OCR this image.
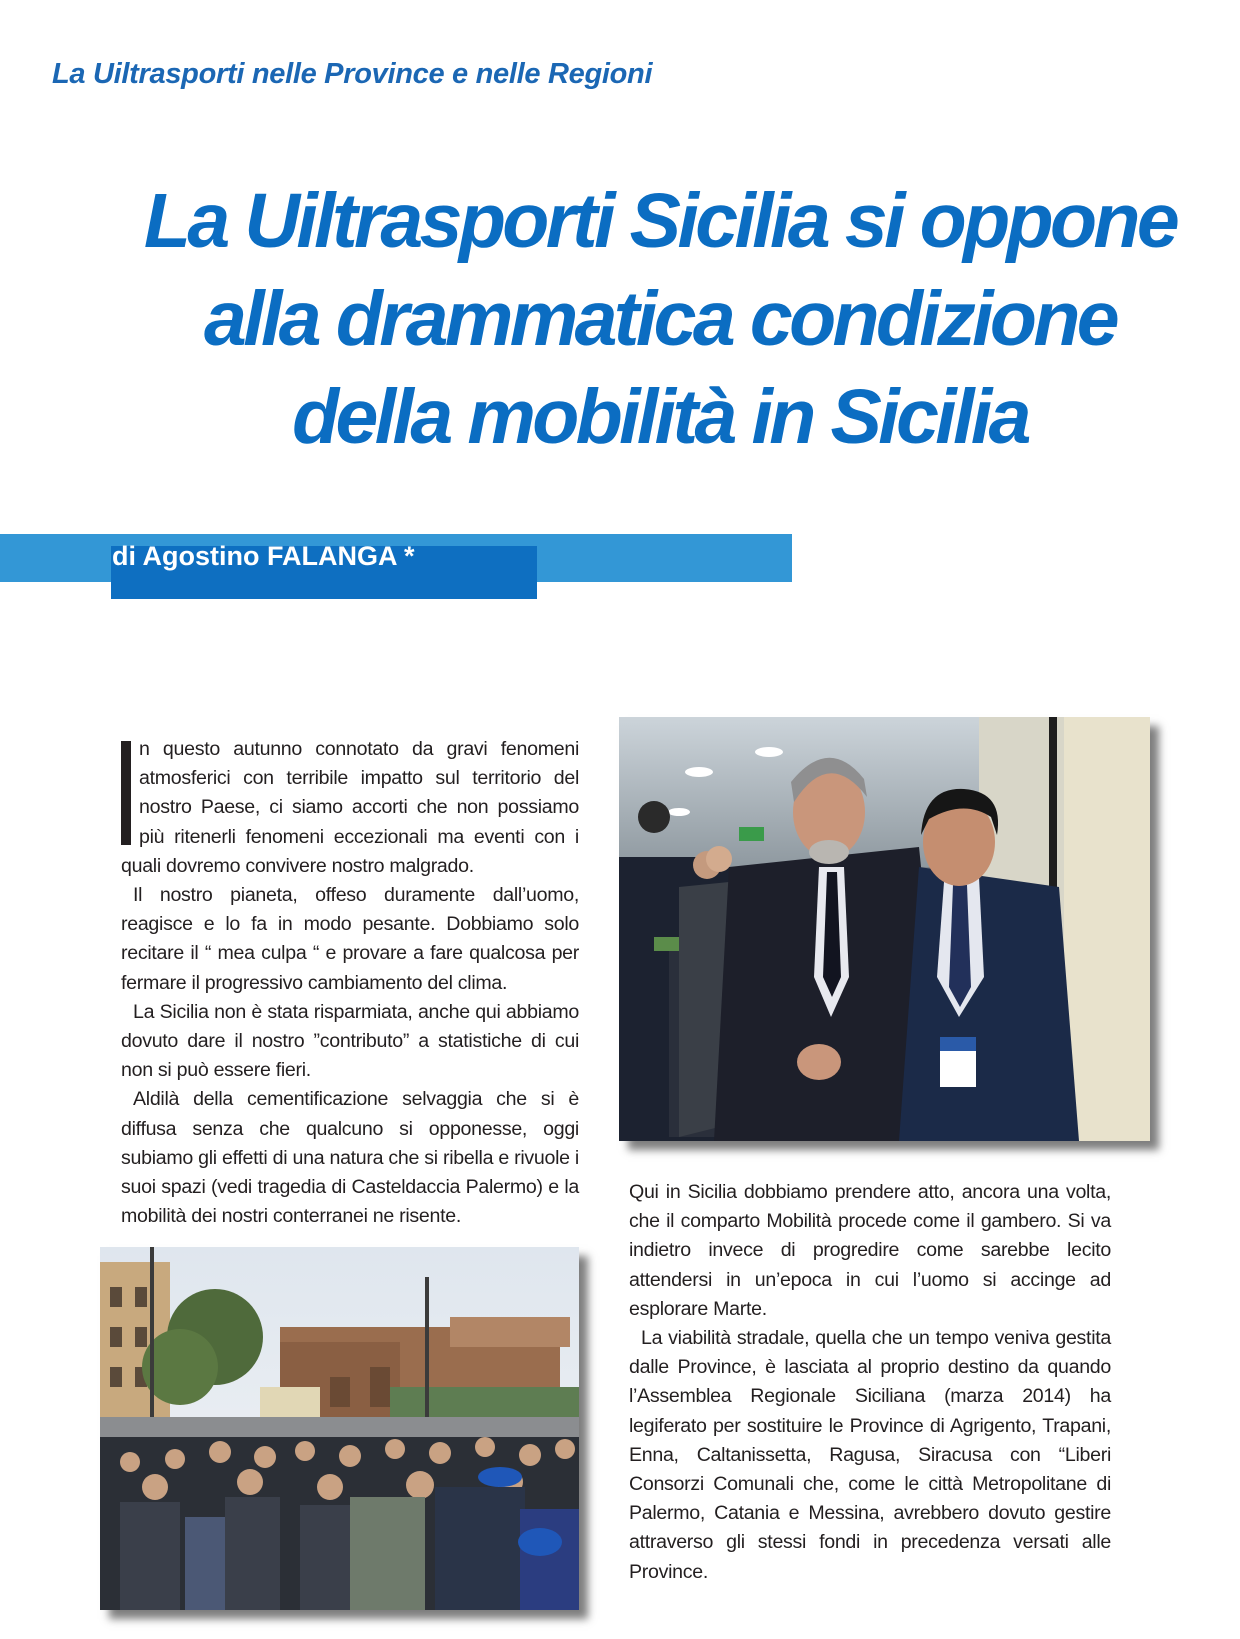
La Uiltrasporti nelle Province e nelle Regioni
La Uiltrasporti Sicilia si oppone
alla drammatica condizione
della mobilità in Sicilia
di Agostino FALANGA *

n questo autunno connotato da gravi fenomeni atmosferici con terribile impatto sul territorio del nostro Paese, ci siamo accorti che non possiamo più ritenerli fenomeni eccezionali ma eventi con i quali dovremo convivere nostro malgrado.

Il nostro pianeta, offeso duramente dall’uomo, reagisce e lo fa in modo pesante. Dobbiamo solo recitare il “ mea culpa “ e provare a fare qualcosa per fermare il progressivo cambiamento del clima.

La Sicilia non è stata risparmiata, anche qui abbiamo dovuto dare il nostro ”contributo” a statistiche di cui non si può essere fieri.

Aldilà della cementificazione selvaggia che si è diffusa senza che qualcuno si opponesse, oggi subiamo gli effetti di una natura che si ribella e rivuole i suoi spazi (vedi tragedia di Casteldaccia Palermo) e la mobilità dei nostri conterranei ne risente.

Qui in Sicilia dobbiamo prendere atto, ancora una volta, che il comparto Mobilità procede come il gambero. Si va indietro invece di progredire come sarebbe lecito attendersi in un’epoca in cui l’uomo si accinge ad esplorare Marte.

La viabilità stradale, quella che un tempo veniva gestita dalle Province, è lasciata al proprio destino da quando l’Assemblea Regionale Siciliana (marza 2014) ha legiferato per sostituire le Province di Agrigento, Trapani, Enna, Caltanissetta, Ragusa, Siracusa con “Liberi Consorzi Comunali che, come le città Metropolitane di Palermo, Catania e Messina, avrebbero dovuto gestire attraverso gli stessi fondi in precedenza versati alle Province.
